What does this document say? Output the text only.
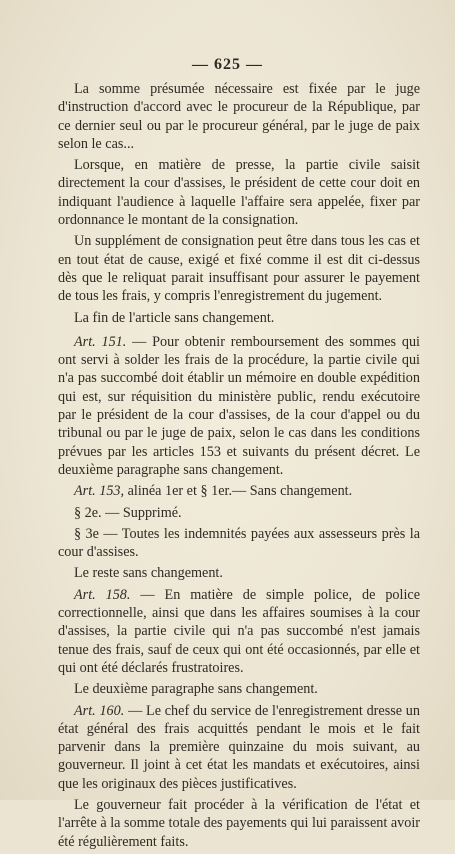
— 625 —

La somme présumée nécessaire est fixée par le juge d'instruction d'accord avec le procureur de la République, par ce dernier seul ou par le procureur général, par le juge de paix selon le cas...

Lorsque, en matière de presse, la partie civile saisit directement la cour d'assises, le président de cette cour doit en indiquant l'audience à laquelle l'affaire sera appelée, fixer par ordonnance le montant de la consignation.

Un supplément de consignation peut être dans tous les cas et en tout état de cause, exigé et fixé comme il est dit ci-dessus dès que le reliquat parait insuffisant pour assurer le payement de tous les frais, y compris l'enregistrement du jugement.

La fin de l'article sans changement.

Art. 151. — Pour obtenir remboursement des sommes qui ont servi à solder les frais de la procédure, la partie civile qui n'a pas succombé doit établir un mémoire en double expédition qui est, sur réquisition du ministère public, rendu exécutoire par le président de la cour d'assises, de la cour d'appel ou du tribunal ou par le juge de paix, selon le cas dans les conditions prévues par les articles 153 et suivants du présent décret. Le deuxième paragraphe sans changement.

Art. 153, alinéa 1er et § 1er.— Sans changement.

§ 2e. — Supprimé.

§ 3e — Toutes les indemnités payées aux assesseurs près la cour d'assises.

Le reste sans changement.

Art. 158. — En matière de simple police, de police correctionnelle, ainsi que dans les affaires soumises à la cour d'assises, la partie civile qui n'a pas succombé n'est jamais tenue des frais, sauf de ceux qui ont été occasionnés, par elle et qui ont été déclarés frustratoires.

Le deuxième paragraphe sans changement.

Art. 160. — Le chef du service de l'enregistrement dresse un état général des frais acquittés pendant le mois et le fait parvenir dans la première quinzaine du mois suivant, au gouverneur. Il joint à cet état les mandats et exécutoires, ainsi que les originaux des pièces justificatives.

Le gouverneur fait procéder à la vérification de l'état et l'arrête à la somme totale des payements qui lui paraissent avoir été régulièrement faits.
